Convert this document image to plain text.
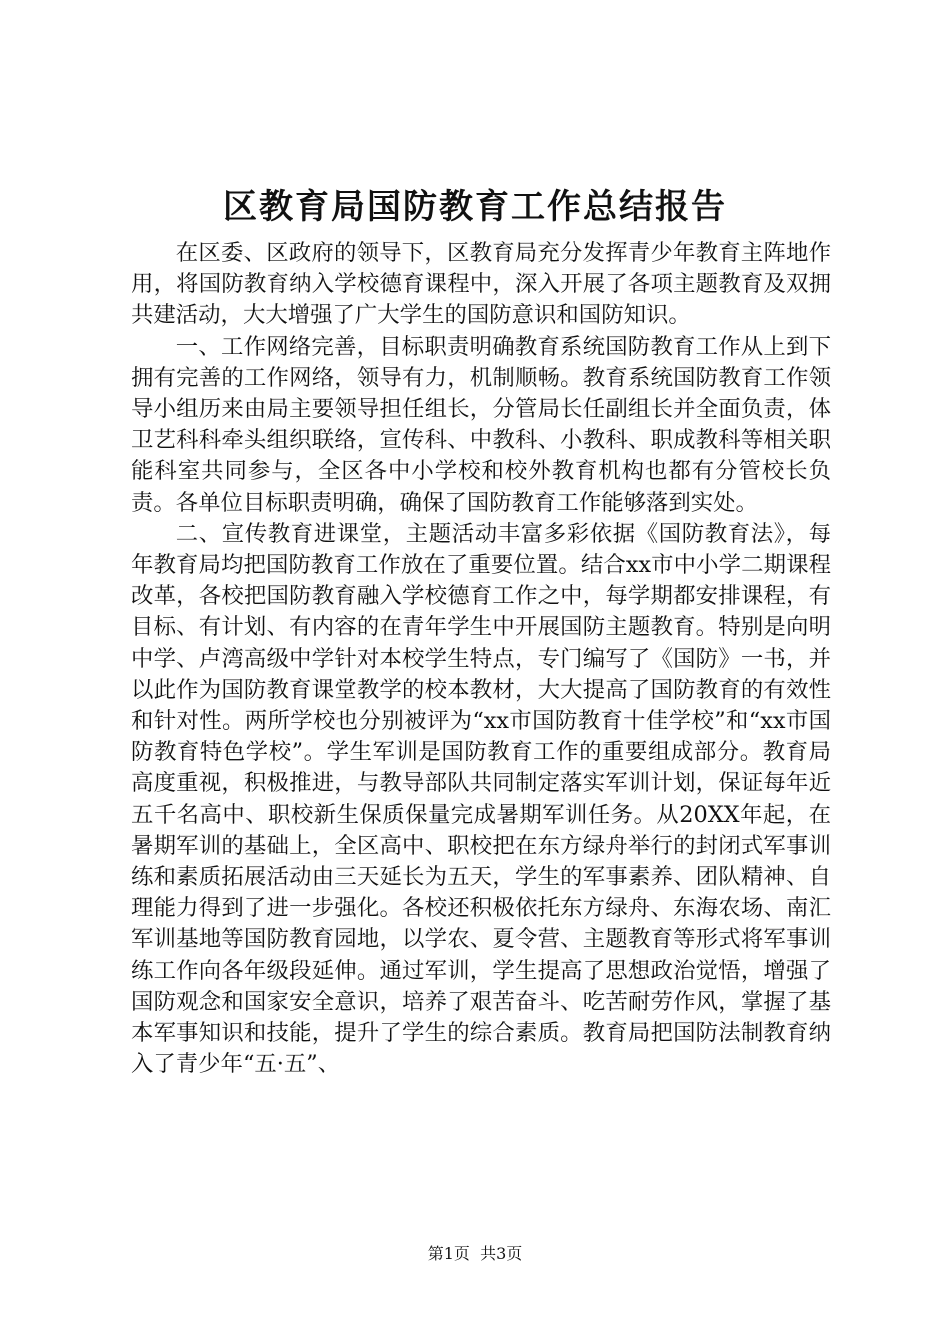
区教育局国防教育工作总结报告

在区委、区政府的领导下，区教育局充分发挥青少年教育主阵地作用，将国防教育纳入学校德育课程中，深入开展了各项主题教育及双拥共建活动，大大增强了广大学生的国防意识和国防知识。

一、工作网络完善，目标职责明确教育系统国防教育工作从上到下拥有完善的工作网络，领导有力，机制顺畅。教育系统国防教育工作领导小组历来由局主要领导担任组长，分管局长任副组长并全面负责，体卫艺科科牵头组织联络，宣传科、中教科、小教科、职成教科等相关职能科室共同参与，全区各中小学校和校外教育机构也都有分管校长负责。各单位目标职责明确，确保了国防教育工作能够落到实处。

二、宣传教育进课堂，主题活动丰富多彩依据《国防教育法》，每年教育局均把国防教育工作放在了重要位置。结合xx市中小学二期课程改革，各校把国防教育融入学校德育工作之中，每学期都安排课程，有目标、有计划、有内容的在青年学生中开展国防主题教育。特别是向明中学、卢湾高级中学针对本校学生特点，专门编写了《国防》一书，并以此作为国防教育课堂教学的校本教材，大大提高了国防教育的有效性和针对性。两所学校也分别被评为“xx市国防教育十佳学校”和“xx市国防教育特色学校”。学生军训是国防教育工作的重要组成部分。教育局高度重视，积极推进，与教导部队共同制定落实军训计划，保证每年近五千名高中、职校新生保质保量完成暑期军训任务。从20XX年起，在暑期军训的基础上，全区高中、职校把在东方绿舟举行的封闭式军事训练和素质拓展活动由三天延长为五天，学生的军事素养、团队精神、自理能力得到了进一步强化。各校还积极依托东方绿舟、东海农场、南汇军训基地等国防教育园地，以学农、夏令营、主题教育等形式将军事训练工作向各年级段延伸。通过军训，学生提高了思想政治觉悟，增强了国防观念和国家安全意识，培养了艰苦奋斗、吃苦耐劳作风，掌握了基本军事知识和技能，提升了学生的综合素质。教育局把国防法制教育纳入了青少年“五·五”、

第1页 共3页
